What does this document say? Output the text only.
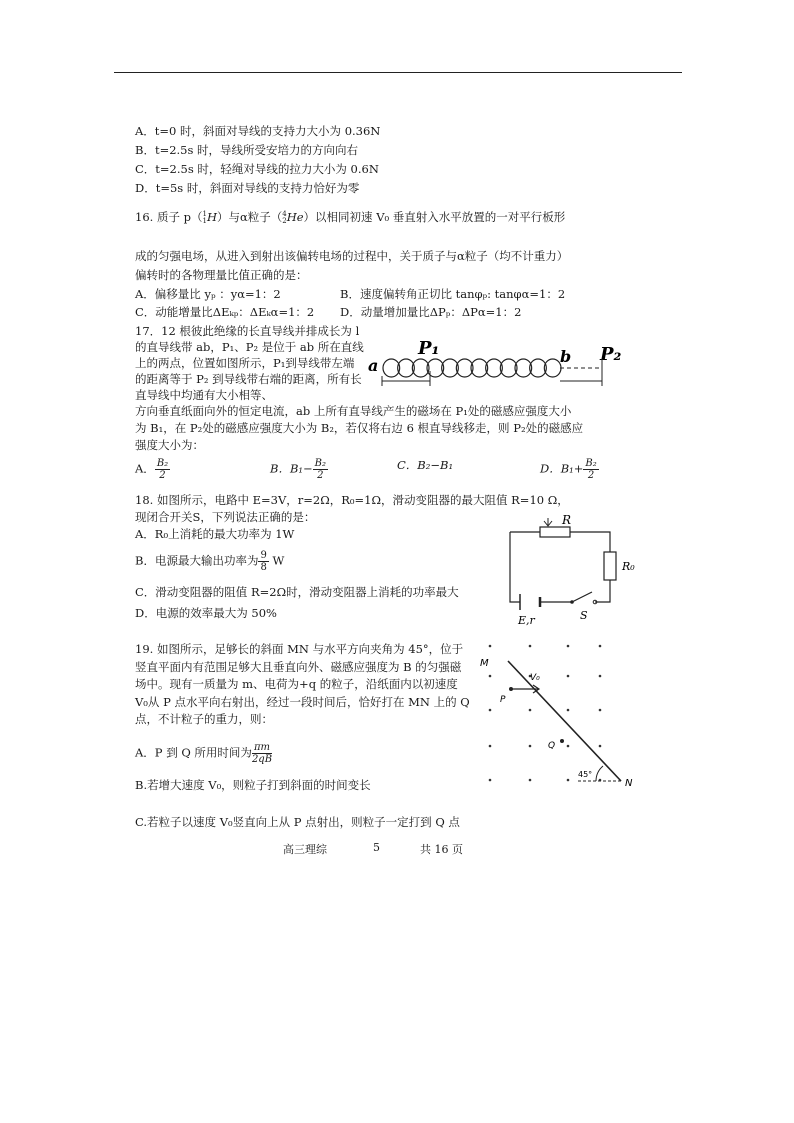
A．t=0 时，斜面对导线的支持力大小为 0.36N
B．t=2.5s 时，导线所受安培力的方向向右
C．t=2.5s 时，轻绳对导线的拉力大小为 0.6N
D．t=5s 时，斜面对导线的支持力恰好为零
16. 质子 p（ 1
1 H）与α粒子（ 4
2 He）以相同初速 V₀ 垂直射入水平放置的一对平行板形
成的匀强电场，从进入到射出该偏转电场的过程中，关于质子与α粒子（均不计重力）
偏转时的各物理量比值正确的是：
A．偏移量比 yₚ ：yα=1：2	B．速度偏转角正切比 tanφₚ: tanφα=1：2
C．动能增量比ΔEₖₚ：ΔEₖα=1：2 D．动量增加量比ΔPₚ：ΔPα=1：2
17．12 根彼此绝缘的长直导线并排成长为 l 的直导线带 ab，P₁、P₂ 是位于 ab 所在直线上的两点，位置如图所示，P₁到导线带左端的距离等于 P₂ 到导线带右端的距离，所有长直导线中均通有大小相等、
方向垂直纸面向外的恒定电流，ab 上所有直导线产生的磁场在 P₁处的磁感应强度大小
为 B₁，在 P₂处的磁感应强度大小为 B₂，若仅将右边 6 根直导线移走，则 P₂处的磁感应
强度大小为：
a
P₁	b P₂
A． $\frac{\text{B₂}}{2}$	B．$B_1- \frac{\text{B₂}}{2}$	C．B₂−B₁	D．$B_1+ \frac{\text{B₂}}{2}$
18. 如图所示，电路中 E=3V，r=2Ω，R₀=1Ω，滑动变阻器的最大阻值 R=10 Ω，
现闭合开关S，下列说法正确的是：
A．R₀上消耗的最大功率为 1W
B．电源最大输出功率为 $\frac{9}{8}$ W
C．滑动变阻器的阻值 R=2Ω时，滑动变阻器上消耗的功率最大
D．电源的效率最大为 50%
R
R₀
E,r	S
19. 如图所示，足够长的斜面 MN 与水平方向夹角为 45°，位于竖直平面内有范围足够大且垂直向外、磁感应强度为 B 的匀强磁场中。现有一质量为 m、电荷为+q 的粒子，沿纸面内以初速度 V₀从 P 点水平向右射出，经过一段时间后，恰好打在 MN 上的 Q 点，不计粒子的重力，则：
A．P 到 Q 所用时间为 $\frac{\pi m}{2qB}$
B.若增大速度 V₀，则粒子打到斜面的时间变长
C.若粒子以速度 V₀竖直向上从 P 点射出，则粒子一定打到 Q 点
M
N
P
Q
V₀
45°
高三理综	5	共 16 页
